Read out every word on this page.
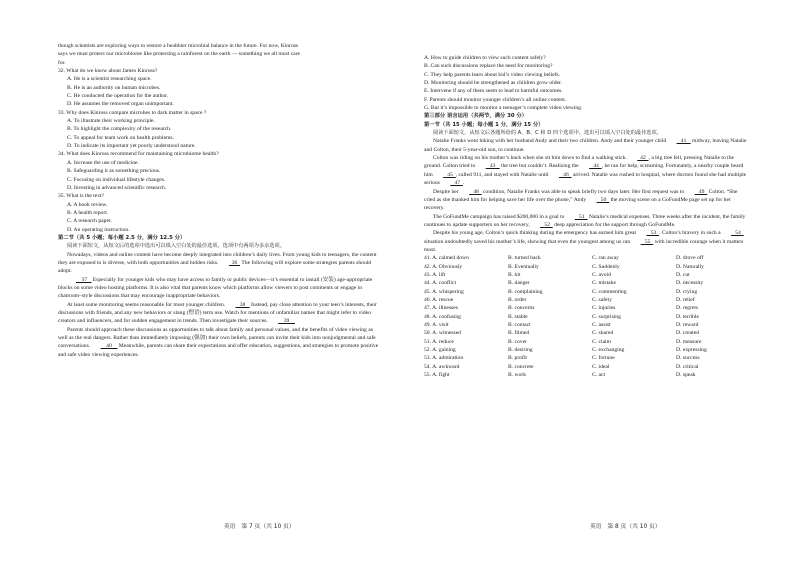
though scientists are exploring ways to restore a healthier microbial balance in the future. For now, Kinross

says we must protect our microbiome like protecting a rainforest on the earth — something we all must care

for.

32. What do we know about James Kinross?

A. He is a scientist researching space.

B. He is an authority on human microbes.

C. He conducted the operation for the author.

D. He assumes the removed organ unimportant.

33. Why does Kinross compare microbes to dark matter in space ?

A. To illustrate their working principle.

B. To highlight the complexity of the research.

C. To appeal for team work on health problems.

D. To indicate its important yet poorly understood nature.

34. What does Kinross recommend for maintaining microbiome health?

A. Increase the use of medicine.

B. Safeguarding it as something precious.

C. Focusing on individual lifestyle changes.

D. Investing in advanced scientific research.

35. What is the text?

A. A book review.

B. A health report.

C. A research paper.

D. An operating instruction.

第二节（共 5 小题；每小题 2.5 分，满分 12.5 分）

阅读下面短文，从短文后的选项中选出可以填入空白处的最佳选项。选项中有两项为多余选项。

Nowadays, videos and online content have become deeply integrated into children’s daily lives. From young kids to teenagers, the content they are exposed to is diverse, with both opportunities and hidden risks.   36   The following will explore some strategies parents should adopt.

37    Especially for younger kids who may have access to family or public devices—it’s essential to install (安装) age-appropriate blocks on some video hosting platforms. It is also vital that parents know which platforms allow viewers to post comments or engage in chatroom–style discussions that may encourage inappropriate behaviors.

At least some monitoring seems reasonable for most younger children.    38    Instead, pay close attention to your teen’s interests, their discussions with friends, and any new behaviors or slang (俚语) term use. Watch for mentions of unfamiliar names that might refer to video creators and influencers, and for sudden engagement in trends. Then investigate their sources.     39

Parents should approach these discussions as opportunities to talk about family and personal values, and the benefits of video viewing as well as the real dangers. Rather than immediately imposing (强加) their own beliefs, parents can invite their kids into nonjudgmental and safe conversations.     40     Meanwhile, parents can share their expectations and offer education, suggestions, and strategies to promote positive and safe video viewing experiences.

A. How to guide children to view such content safely?

B. Can such discussions replace the need for monitoring?

C. They help parents learn about kid’s video viewing beliefs.

D. Monitoring should be strengthened as children grow older.

E. Intervene if any of them seem to lead to harmful outcomes.

F. Parents should monitor younger children’s all online content.

G. But it’s impossible to monitor a teenager’s complete video viewing.

第三部分 语言运用（共两节，满分 30 分）

第一节（共 15 小题；每小题 1 分，满分 15 分）

阅读下面短文，从短文后各题所给的 A、B、C 和 D 四个选项中，选出可以填入空白处的最佳选项。

Natalie Franks went hiking with her husband Andy and their two children. Andy and their younger child    41    midway, leaving Natalie and Colton, their 5-year-old son, to continue.

Colton was riding on his mother’s back when she sit him down to find a walking stick.   42  , a big tree fell, pressing Natalie to the ground. Colton tried to    43    the tree but couldn’t. Realizing the    44  , he ran for help, screaming. Fortunately, a nearby couple heard him    45  , called 911, and stayed with Natalie until    46   arrived. Natalie was rushed to hospital, where doctors found she had multiple serious    47  .

Despite her    48   condition, Natalie Franks was able to speak briefly two days later. Her first request was to    49   Colton. “She cried as she thanked him for helping save her life over the phone,” Andy    50   the moving scene on a GoFundMe page set up for her recovery.

The GoFundMe campaign has raised $200,000 in a goal to    51   Natalie’s medical expenses. Three weeks after the incident, the family continues to update supporters on her recovery,    52   deep appreciation for the support through GoFundMe.

Despite his young age, Colton’s quick thinking during the emergency has earned him great    53  . Colton’s bravery in such a    54   situation undoubtedly saved his mother’s life, showing that even the youngest among us can    55   with incredible courage when it matters most.

41. A. calmed down	B. turned back	C. ran away	D. drove off
42. A. Obviously	B. Eventually	C. Suddenly	D. Naturally
43. A. lift	B. hit	C. avoid	D. cut
44. A. conflict	B. danger	C. mistake	D. necessity
45. A. whispering	B. complaining	C. commenting	D. crying
46. A. rescue	B. order	C. safety	D. relief
47. A. illnesses	B. concerns	C. injuries	D. regrets
48. A. confusing	B. stable	C. surprising	D. terrible
49. A. visit	B. contact	C. assist	D. reward
50. A. witnessed	B. filmed	C. shared	D. created
51. A. reduce	B. cover	C. claim	D. measure
52. A. gaining	B. desiring	C. exchanging	D. expressing
53. A. admiration	B. profit	C. fortune	D. success
54. A. awkward	B. concrete	C. ideal	D. critical
55. A. fight	B. work	C. act	D. speak
英语　第 7 页（共 10 页）	英语　第 8 页（共 10 页）
